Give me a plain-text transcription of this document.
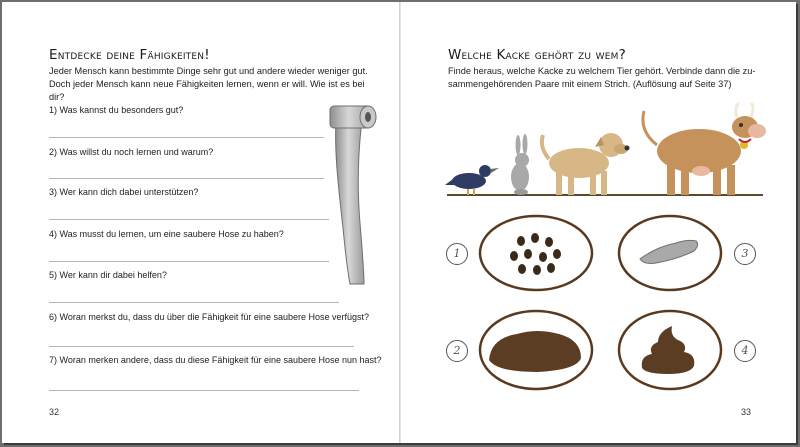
Entdecke deine Fähigkeiten!
Jeder Mensch kann bestimmte Dinge sehr gut und andere wieder weniger gut.
Doch jeder Mensch kann neue Fähigkeiten lernen, wenn er will. Wie ist es bei dir?
1) Was kannst du besonders gut?
2) Was willst du noch lernen und warum?
3) Wer kann dich dabei unterstützen?
4) Was musst du lernen, um eine saubere Hose zu haben?
5) Wer kann dir dabei helfen?
6) Woran merkst du, dass du über die Fähigkeit für eine saubere Hose verfügst?
7) Woran merken andere, dass du diese Fähigkeit für eine saubere Hose nun hast?
32
Welche Kacke gehört zu wem?
Finde heraus, welche Kacke zu welchem Tier gehört. Verbinde dann die zu-
sammengehörenden Paare mit einem Strich. (Auflösung auf Seite 37)
1
2
3
4
33
